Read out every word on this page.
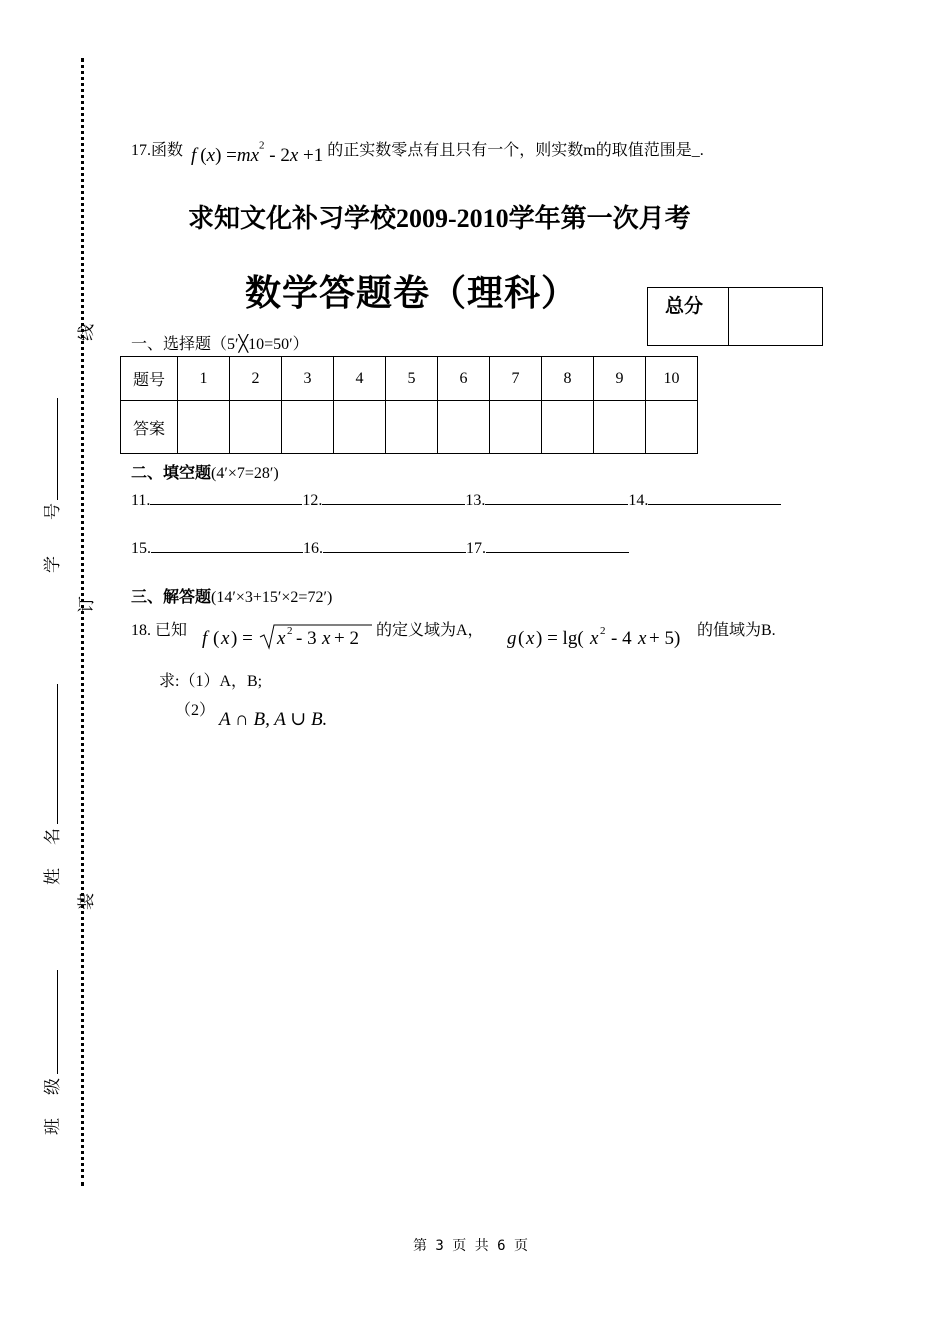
线
订
装
号
学
名
姓
级
班
17.函数 f $(x) =mx^2 - 2x +1$ 的正实数零点有且只有一个，则实数m的取值范围是_.
求知文化补习学校2009-2010学年第一次月考
数学答题卷（理科）	总分
一、选择题（5′╳10=50′）
题号	1	2	3	4	5	6	7	8	9	10
答案										
二、填空题(4′×7=28′)
11.	12.	13.	14.
15.	16.	17.
三、解答题(14′×3+15′×2=72′)
18. 已知 f ( x ) = x 2 - 3 x + 2 的定义域为A， g ( x ) = lg( x 2 - 4 x + 5) 的值域为B.
求:（1）A，B;
（2） A ∩ B, A ∪ B.
第 3 页 共 6 页
